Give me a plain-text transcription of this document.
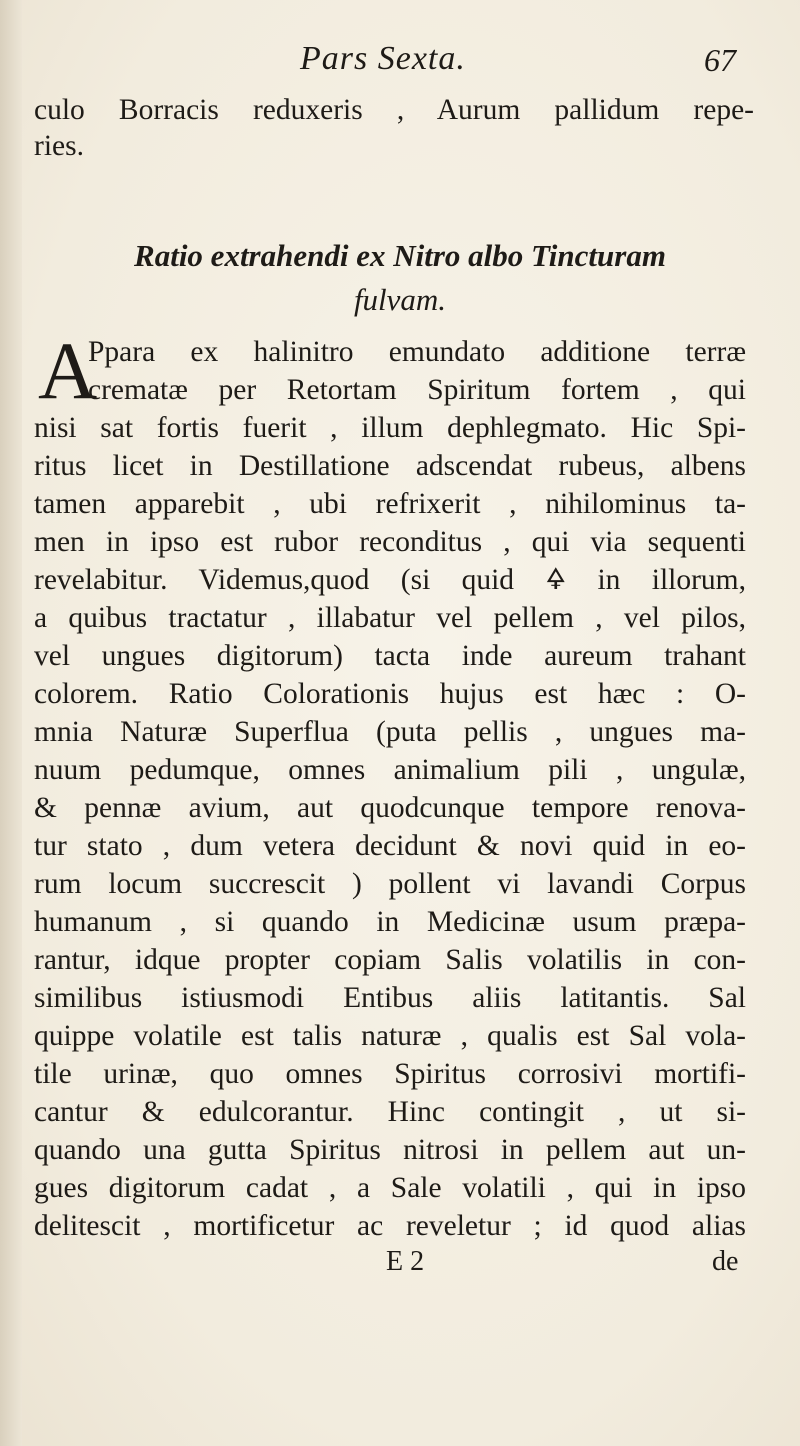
Pars Sexta.	67
culo Borracis reduxeris , Aurum pallidum repe-
ries.
Ratio extrahendi ex Nitro albo Tincturam
fulvam.
A
Ppara ex halinitro emundato additione terræ
crematæ per Retortam Spiritum fortem , qui
nisi sat fortis fuerit , illum dephlegmato. Hic Spi-
ritus licet in Destillatione adscendat rubeus, albens
tamen apparebit , ubi refrixerit , nihilominus ta-
men in ipso est rubor reconditus , qui via sequenti
revelabitur. Videmus,quod (si quid 🜍 in illorum,
a quibus tractatur , illabatur vel pellem , vel pilos,
vel ungues digitorum) tacta inde aureum trahant
colorem. Ratio Colorationis hujus est hæc : O-
mnia Naturæ Superflua (puta pellis , ungues ma-
nuum pedumque, omnes animalium pili , ungulæ,
& pennæ avium, aut quodcunque tempore renova-
tur stato , dum vetera decidunt & novi quid in eo-
rum locum succrescit ) pollent vi lavandi Corpus
humanum , si quando in Medicinæ usum præpa-
rantur, idque propter copiam Salis volatilis in con-
similibus istiusmodi Entibus aliis latitantis. Sal
quippe volatile est talis naturæ , qualis est Sal vola-
tile urinæ, quo omnes Spiritus corrosivi mortifi-
cantur & edulcorantur. Hinc contingit , ut si-
quando una gutta Spiritus nitrosi in pellem aut un-
gues digitorum cadat , a Sale volatili , qui in ipso
delitescit , mortificetur ac reveletur ; id quod alias
E 2	de
